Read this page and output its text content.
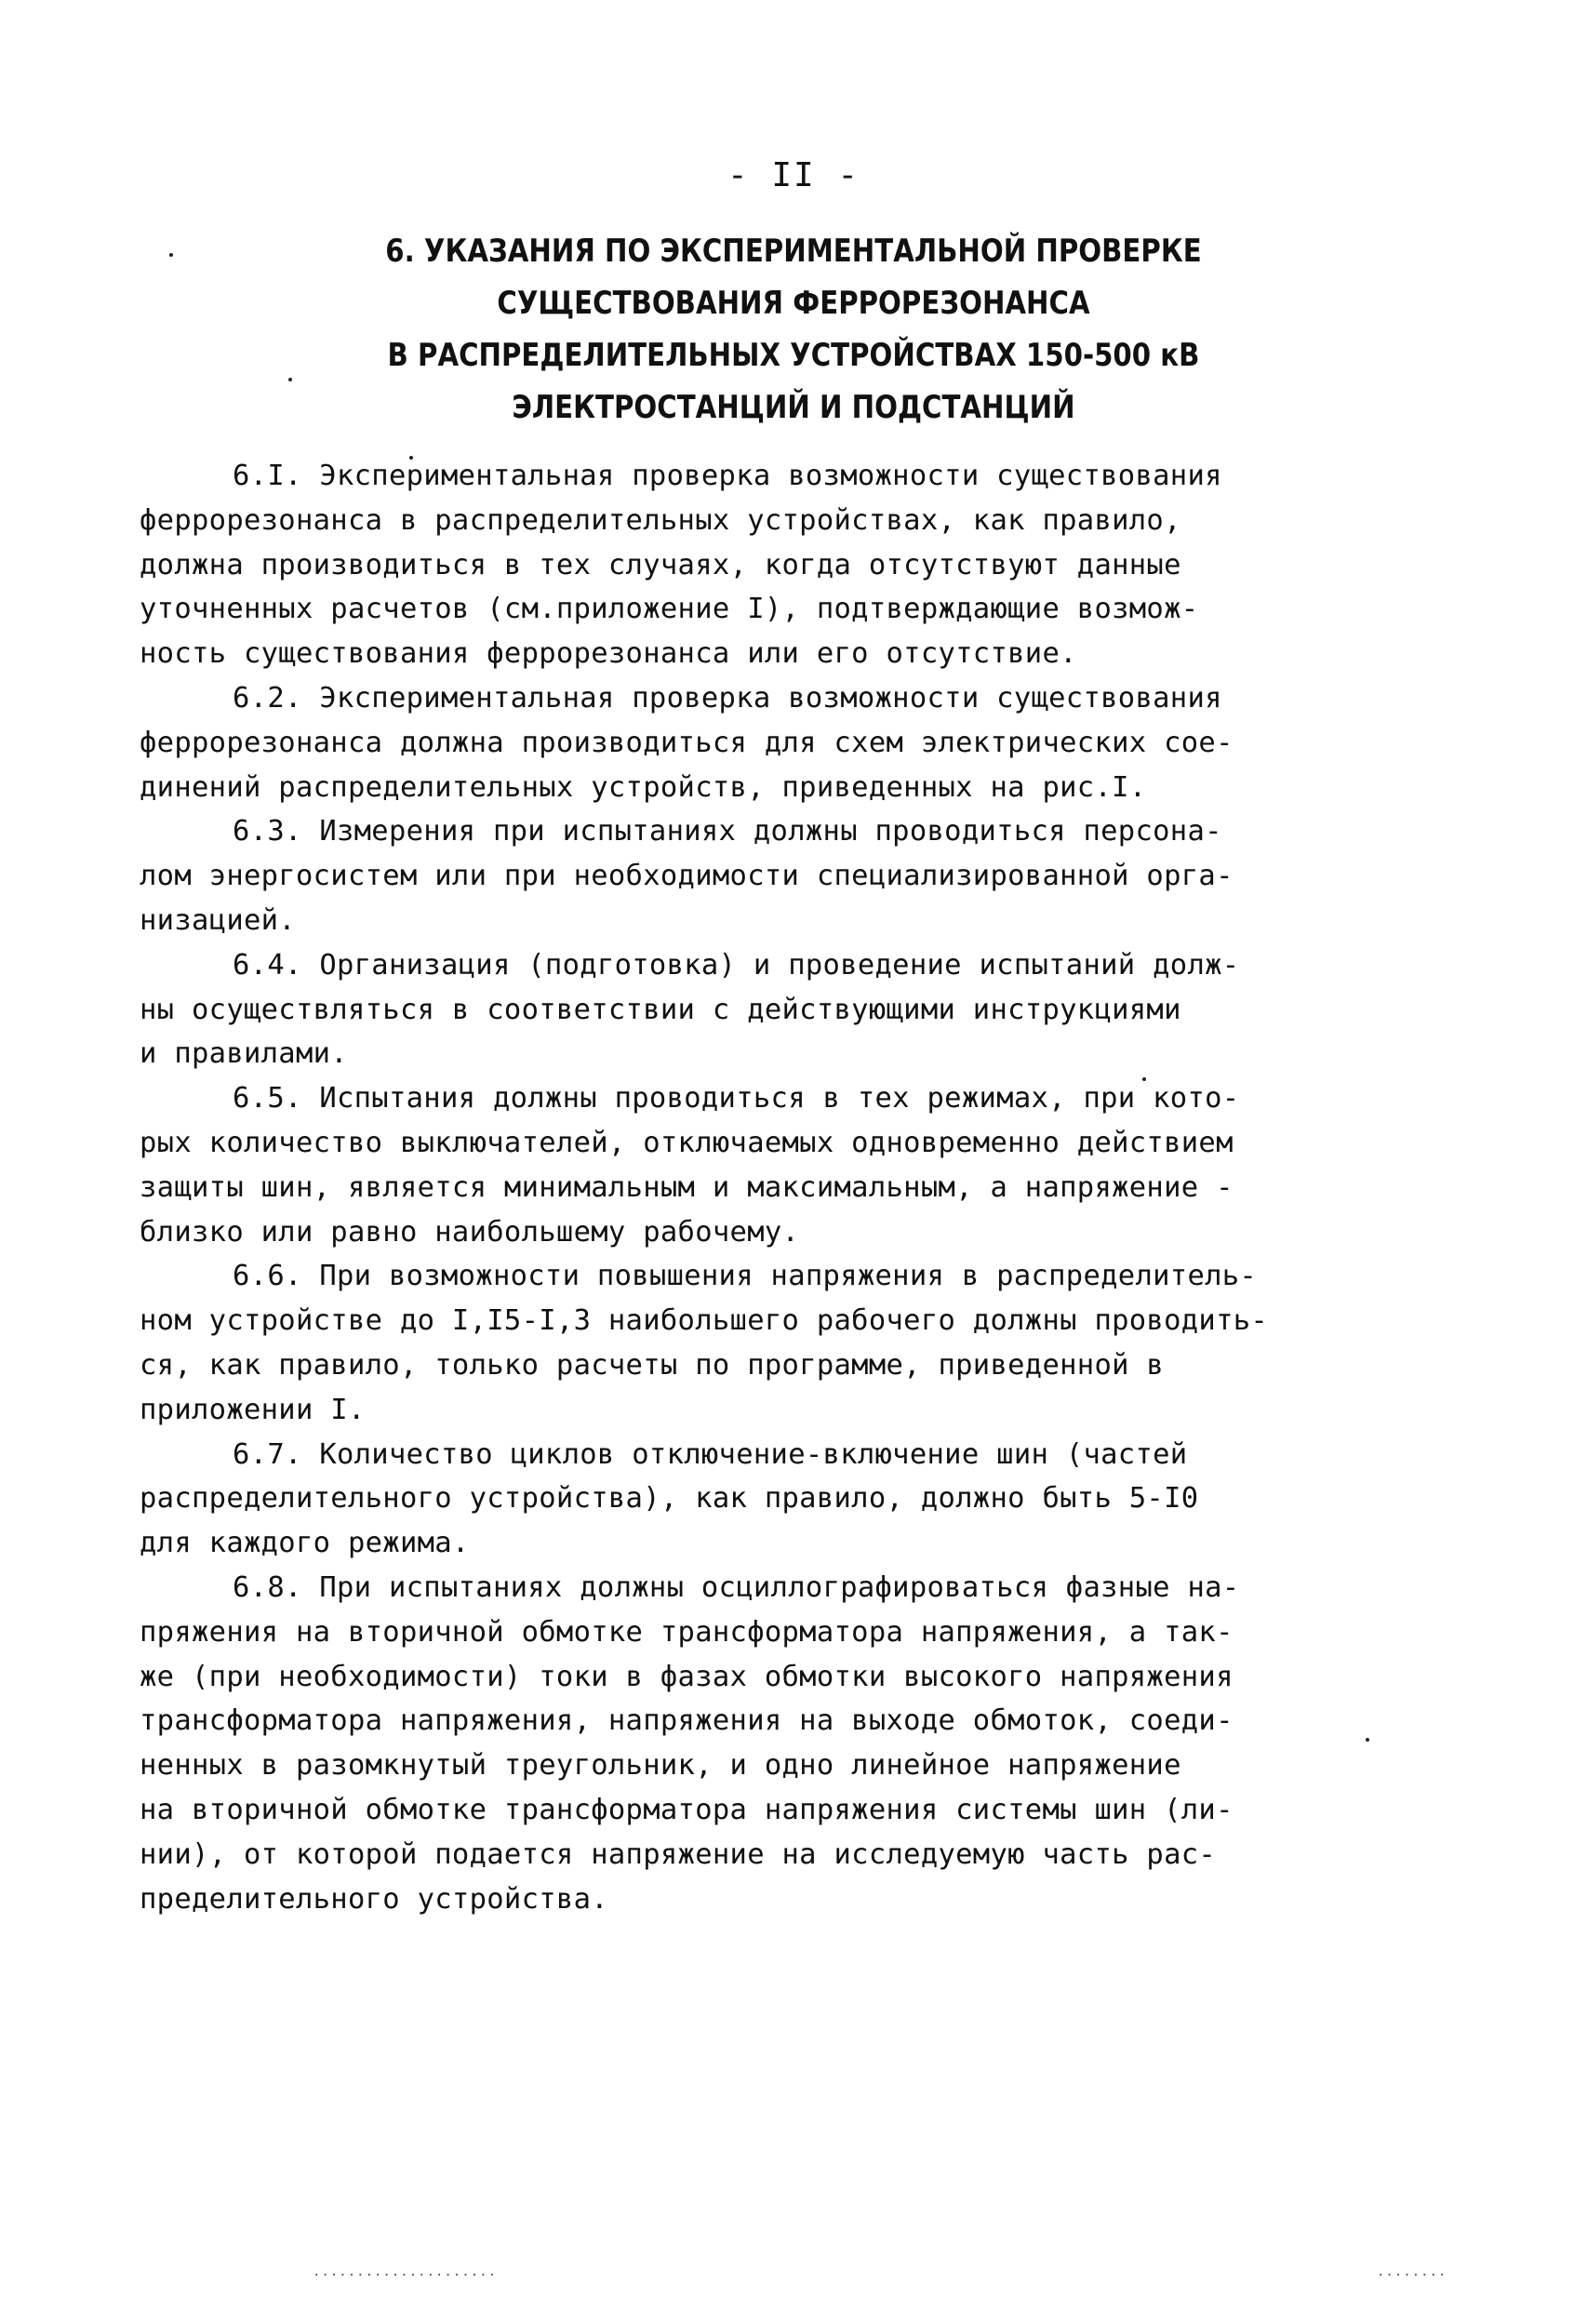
- II -
6. УКАЗАНИЯ ПО ЭКСПЕРИМЕНТАЛЬНОЙ ПРОВЕРКЕ
СУЩЕСТВОВАНИЯ ФЕРРОРЕЗОНАНСА
В РАСПРЕДЕЛИТЕЛЬНЫХ УСТРОЙСТВАХ 150-500 кВ
ЭЛЕКТРОСТАНЦИЙ И ПОДСТАНЦИЙ
6.I. Экспериментальная проверка возможности существования
феррорезонанса в распределительных устройствах, как правило,
должна производиться в тех случаях, когда отсутствуют данные
уточненных расчетов (см.приложение I), подтверждающие возмож-
ность существования феррорезонанса или его отсутствие.
6.2. Экспериментальная проверка возможности существования
феррорезонанса должна производиться для схем электрических сое-
динений распределительных устройств, приведенных на рис.I.
6.3. Измерения при испытаниях должны проводиться персона-
лом энергосистем или при необходимости специализированной орга-
низацией.
6.4. Организация (подготовка) и проведение испытаний долж-
ны осуществляться в соответствии с действующими инструкциями
и правилами.
6.5. Испытания должны проводиться в тех режимах, при кото-
рых количество выключателей, отключаемых одновременно действием
защиты шин, является минимальным и максимальным, а напряжение -
близко или равно наибольшему рабочему.
6.6. При возможности повышения напряжения в распределитель-
ном устройстве до I,I5-I,3 наибольшего рабочего должны проводить-
ся, как правило, только расчеты по программе, приведенной в
приложении I.
6.7. Количество циклов отключение-включение шин (частей
распределительного устройства), как правило, должно быть 5-I0
для каждого режима.
6.8. При испытаниях должны осциллографироваться фазные на-
пряжения на вторичной обмотке трансформатора напряжения, а так-
же (при необходимости) токи в фазах обмотки высокого напряжения
трансформатора напряжения, напряжения на выходе обмоток, соеди-
ненных в разомкнутый треугольник, и одно линейное напряжение
на вторичной обмотке трансформатора напряжения системы шин (ли-
нии), от которой подается напряжение на исследуемую часть рас-
пределительного устройства.
·····················	········
